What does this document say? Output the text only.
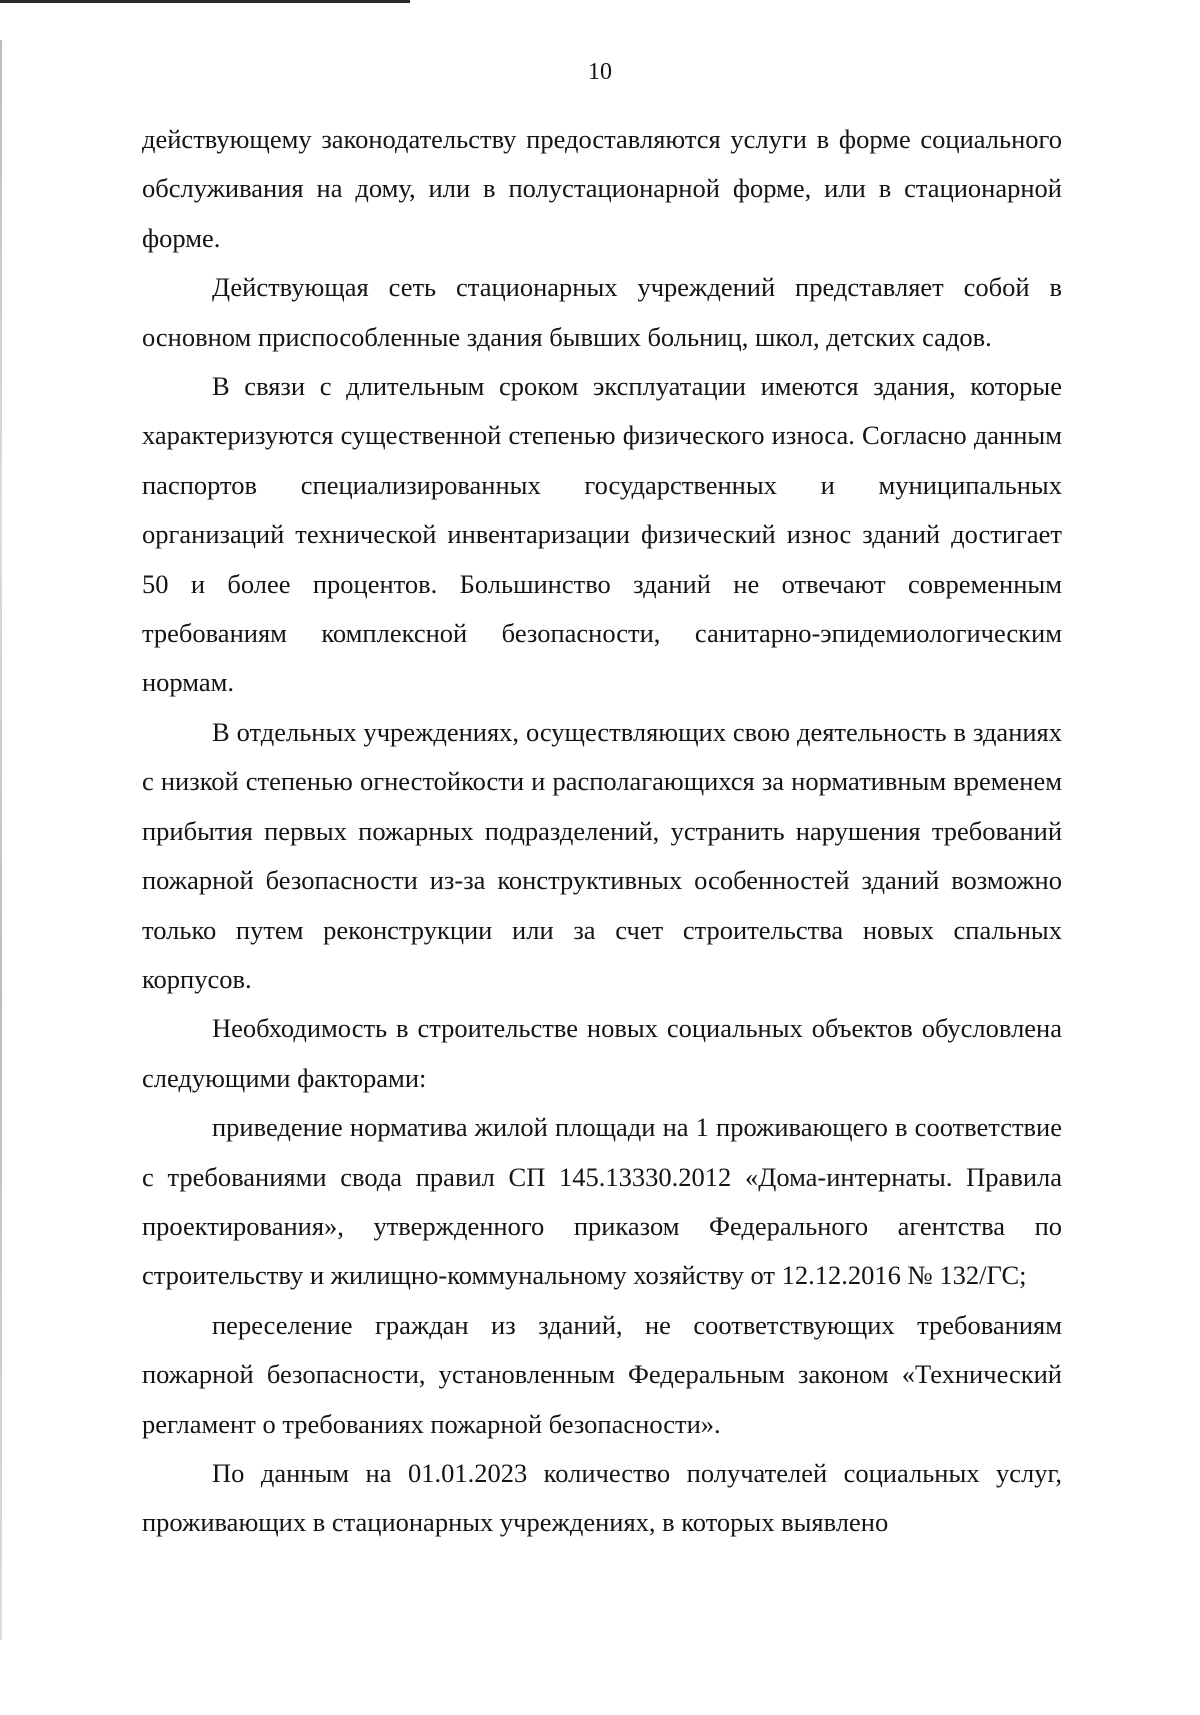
10

действующему законодательству предоставляются услуги в форме социального обслуживания на дому, или в полустационарной форме, или в стационарной форме.

Действующая сеть стационарных учреждений представляет собой в основном приспособленные здания бывших больниц, школ, детских садов.

В связи с длительным сроком эксплуатации имеются здания, которые характеризуются существенной степенью физического износа. Согласно данным паспортов специализированных государственных и муниципальных организаций технической инвентаризации физический износ зданий достигает 50 и более процентов. Большинство зданий не отвечают современным требованиям комплексной безопасности, санитарно-эпидемиологическим нормам.

В отдельных учреждениях, осуществляющих свою деятельность в зданиях с низкой степенью огнестойкости и располагающихся за нормативным временем прибытия первых пожарных подразделений, устранить нарушения требований пожарной безопасности из-за конструктивных особенностей зданий возможно только путем реконструкции или за счет строительства новых спальных корпусов.

Необходимость в строительстве новых социальных объектов обусловлена следующими факторами:

приведение норматива жилой площади на 1 проживающего в соответствие с требованиями свода правил СП 145.13330.2012 «Дома-интернаты. Правила проектирования», утвержденного приказом Федерального агентства по строительству и жилищно-коммунальному хозяйству от 12.12.2016 № 132/ГС;

переселение граждан из зданий, не соответствующих требованиям пожарной безопасности, установленным Федеральным законом «Технический регламент о требованиях пожарной безопасности».

По данным на 01.01.2023 количество получателей социальных услуг, проживающих в стационарных учреждениях, в которых выявлено
